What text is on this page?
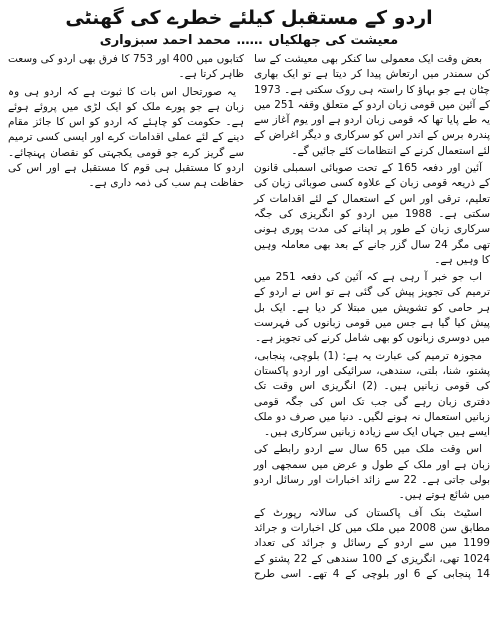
اردو کے مستقبل کیلئے خطرے کی گھنٹی
معیشت کی جھلکیاں……محمد احمد سبزواری

بعض وقت ایک معمولی سا کنکر بھی معیشت کے سا کن سمندر میں ارتعاش پیدا کر دیتا ہے تو ایک بھاری چٹان ہے جو بہاؤ کا راستہ ہی روک سکتی ہے۔ 1973 کے آئین میں قومی زبان اردو کے متعلق وقفہ 251 میں یہ طے پایا تھا کہ قومی زبان اردو ہے اور یوم آغاز سے پندرہ برس کے اندر اس کو سرکاری و دیگر اغراض کے لئے استعمال کرنے کے انتظامات کئے جائیں گے۔

آئین اور دفعہ 165 کے تحت صوبائی اسمبلی قانون کے ذریعہ قومی زبان کے علاوہ کسی صوبائی زبان کی تعلیم، ترقی اور اس کے استعمال کے لئے اقدامات کر سکتی ہے۔ 1988 میں اردو کو انگریزی کی جگہ سرکاری زبان کے طور پر اپنانے کی مدت پوری ہونی تھی مگر 24 سال گزر جانے کے بعد بھی معاملہ وہیں کا وہیں ہے۔

اب جو خبر آ رہی ہے کہ آئین کی دفعہ 251 میں ترمیم کی تجویز پیش کی گئی ہے تو اس نے اردو کے ہر حامی کو تشویش میں مبتلا کر دیا ہے۔ ایک بل پیش کیا گیا ہے جس میں قومی زبانوں کی فہرست میں دوسری زبانوں کو بھی شامل کرنے کی تجویز ہے۔

مجوزہ ترمیم کی عبارت یہ ہے: (1) بلوچی، پنجابی، پشتو، شنا، بلتی، سندھی، سرائیکی اور اردو پاکستان کی قومی زبانیں ہیں۔ (2) انگریزی اس وقت تک دفتری زبان رہے گی جب تک اس کی جگہ قومی زبانیں استعمال نہ ہونے لگیں۔ دنیا میں صرف دو ملک ایسے ہیں جہاں ایک سے زیادہ زبانیں سرکاری ہیں۔

اس وقت ملک میں 65 سال سے اردو رابطے کی زبان ہے اور ملک کے طول و عرض میں سمجھی اور بولی جاتی ہے۔ 22 سے زائد اخبارات اور رسائل اردو میں شائع ہوتے ہیں۔

اسٹیٹ بنک آف پاکستان کی سالانہ رپورٹ کے مطابق سن 2008 میں ملک میں کل اخبارات و جرائد 1199 میں سے اردو کے رسائل و جرائد کی تعداد 1024 تھی، انگریزی کے 100 سندھی کے 22 پشتو کے 14 پنجابی کے 6 اور بلوچی کے 4 تھے۔ اسی طرح کتابوں میں 400 اور 753 کا فرق بھی اردو کی وسعت ظاہر کرتا ہے۔

یہ صورتحال اس بات کا ثبوت ہے کہ اردو ہی وہ زبان ہے جو پورے ملک کو ایک لڑی میں پروئے ہوئے ہے۔ حکومت کو چاہئے کہ اردو کو اس کا جائز مقام دینے کے لئے عملی اقدامات کرے اور ایسی کسی ترمیم سے گریز کرے جو قومی یکجہتی کو نقصان پہنچائے۔ اردو کا مستقبل ہی قوم کا مستقبل ہے اور اس کی حفاظت ہم سب کی ذمہ داری ہے۔
